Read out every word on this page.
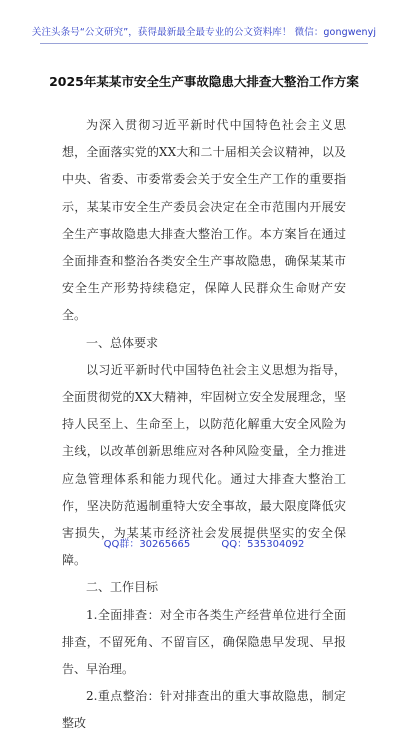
关注头条号“公文研究”，获得最新最全最专业的公文资料库！ 微信：gongwenyj
2025年某某市安全生产事故隐患大排查大整治工作方案

为深入贯彻习近平新时代中国特色社会主义思想，全面落实党的XX大和二十届相关会议精神，以及中央、省委、市委常委会关于安全生产工作的重要指示，某某市安全生产委员会决定在全市范围内开展安全生产事故隐患大排查大整治工作。本方案旨在通过全面排查和整治各类安全生产事故隐患，确保某某市安全生产形势持续稳定，保障人民群众生命财产安全。

一、总体要求

以习近平新时代中国特色社会主义思想为指导，全面贯彻党的XX大精神，牢固树立安全发展理念，坚持人民至上、生命至上，以防范化解重大安全风险为主线，以改革创新思维应对各种风险变量，全力推进应急管理体系和能力现代化。通过大排查大整治工作，坚决防范遏制重特大安全事故，最大限度降低灾害损失，为某某市经济社会发展提供坚实的安全保障。

二、工作目标

1.全面排查：对全市各类生产经营单位进行全面排查，不留死角、不留盲区，确保隐患早发现、早报告、早治理。

2.重点整治：针对排查出的重大事故隐患，制定整改

QQ群：30265665	QQ：535304092
